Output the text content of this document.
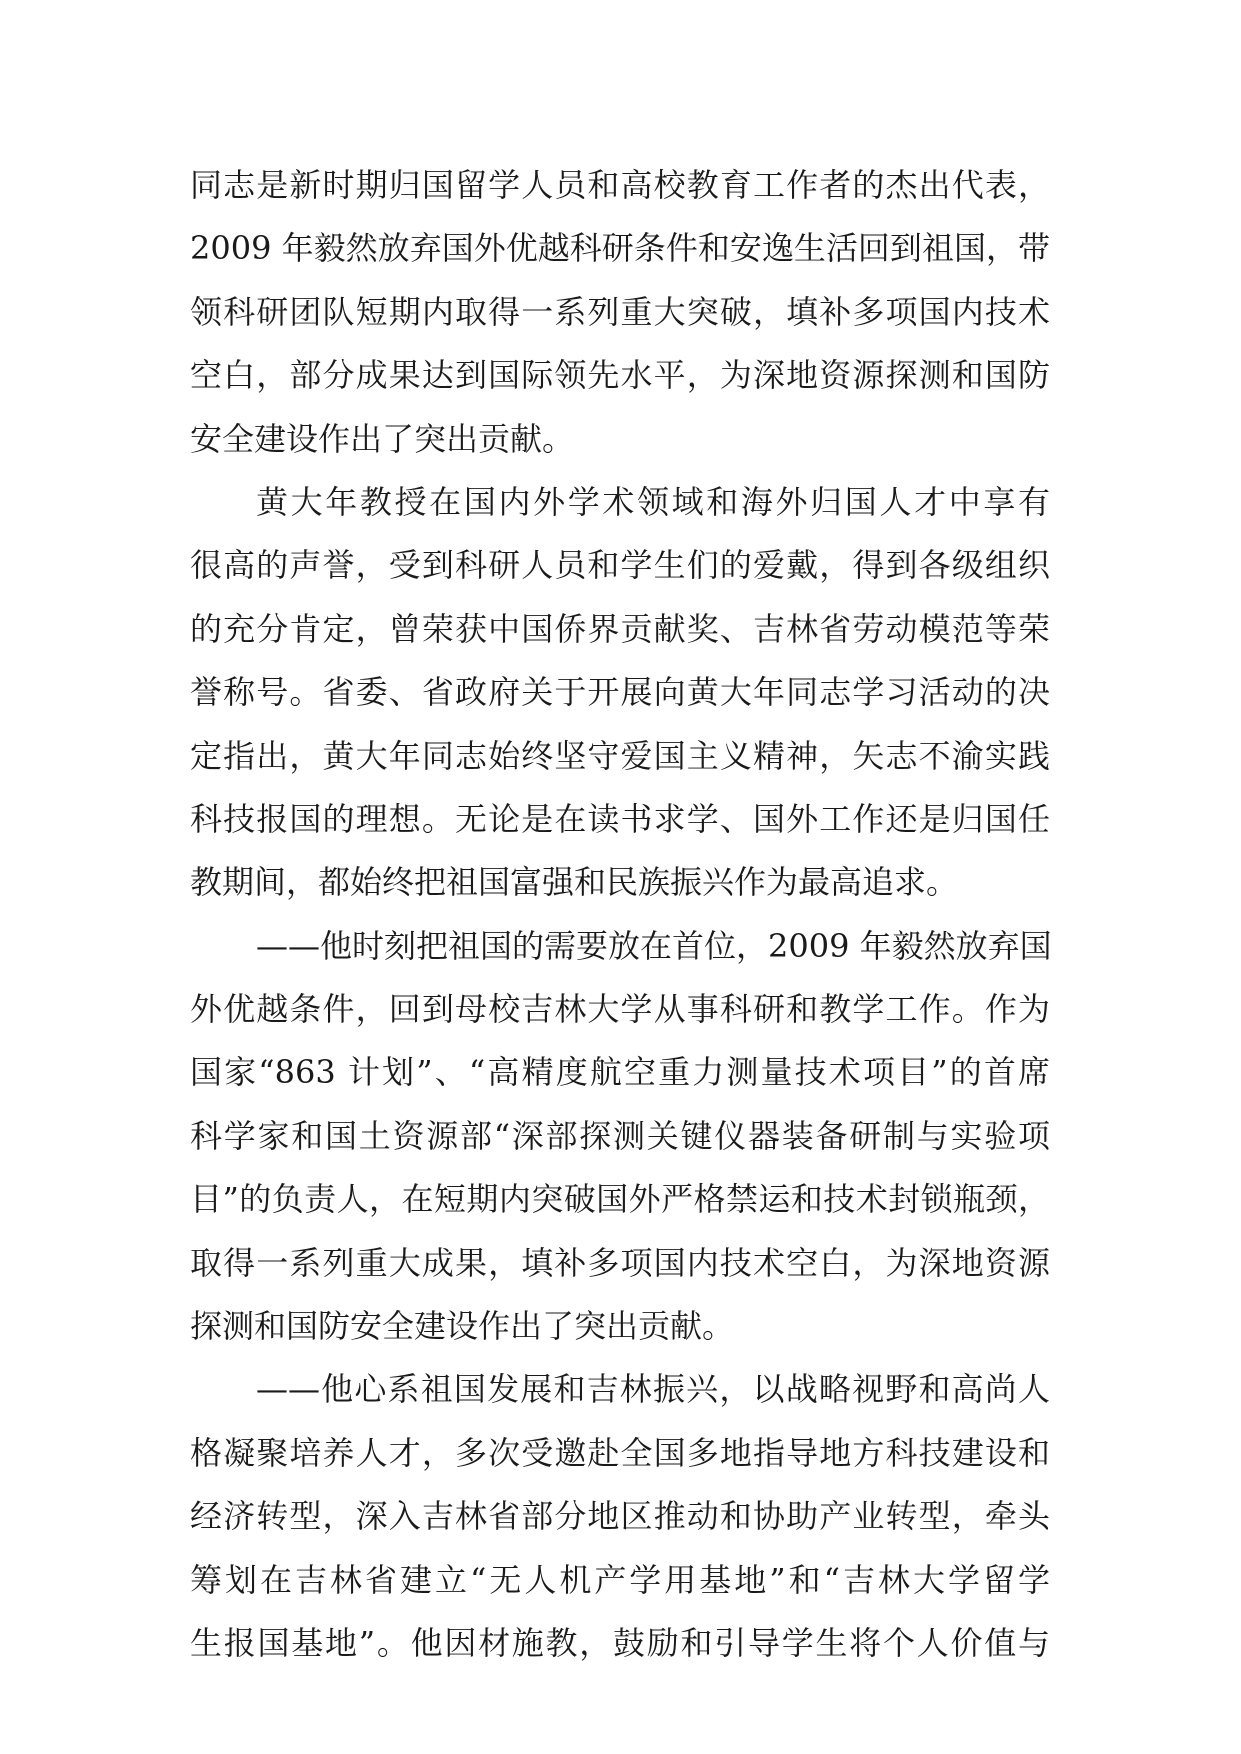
同志是新时期归国留学人员和高校教育工作者的杰出代表，
2009 年毅然放弃国外优越科研条件和安逸生活回到祖国，带
领科研团队短期内取得一系列重大突破，填补多项国内技术
空白，部分成果达到国际领先水平，为深地资源探测和国防
安全建设作出了突出贡献。
黄大年教授在国内外学术领域和海外归国人才中享有
很高的声誉，受到科研人员和学生们的爱戴，得到各级组织
的充分肯定，曾荣获中国侨界贡献奖、吉林省劳动模范等荣
誉称号。省委、省政府关于开展向黄大年同志学习活动的决
定指出，黄大年同志始终坚守爱国主义精神，矢志不渝实践
科技报国的理想。无论是在读书求学、国外工作还是归国任
教期间，都始终把祖国富强和民族振兴作为最高追求。
——他时刻把祖国的需要放在首位，2009 年毅然放弃国
外优越条件，回到母校吉林大学从事科研和教学工作。作为
国家“863 计划”、“高精度航空重力测量技术项目”的首席
科学家和国土资源部“深部探测关键仪器装备研制与实验项
目”的负责人，在短期内突破国外严格禁运和技术封锁瓶颈，
取得一系列重大成果，填补多项国内技术空白，为深地资源
探测和国防安全建设作出了突出贡献。
——他心系祖国发展和吉林振兴，以战略视野和高尚人
格凝聚培养人才，多次受邀赴全国多地指导地方科技建设和
经济转型，深入吉林省部分地区推动和协助产业转型，牵头
筹划在吉林省建立“无人机产学用基地”和“吉林大学留学
生报国基地”。他因材施教，鼓励和引导学生将个人价值与
